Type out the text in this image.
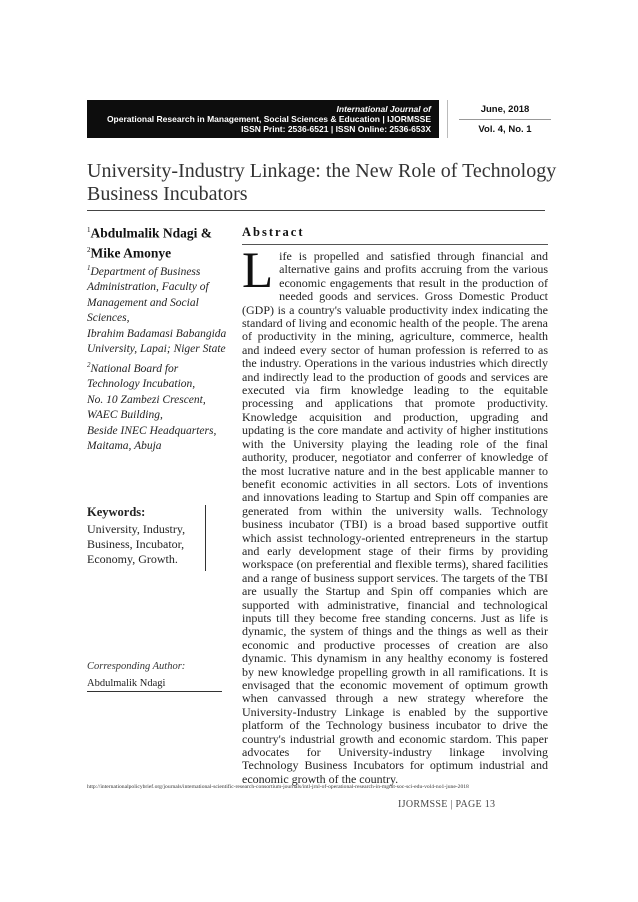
International Journal of
Operational Research in Management, Social Sciences & Education | IJORMSSE
ISSN Print: 2536-6521 | ISSN Online: 2536-653X
June, 2018
Vol. 4, No. 1
University-Industry Linkage: the New Role of Technology Business Incubators
$^1$Abdulmalik Ndagi &
$^2$Mike Amonye
$^1$Department of Business
Administration, Faculty of
Management and Social
Sciences,
Ibrahim Badamasi Babangida
University, Lapai; Niger State
$^2$National Board for
Technology Incubation,
No. 10 Zambezi Crescent,
WAEC Building,
Beside INEC Headquarters,
Maitama, Abuja
Keywords:
University, Industry, Business, Incubator, Economy, Growth.
Corresponding Author:
Abdulmalik Ndagi
Abstract
Life is propelled and satisfied through financial and alternative gains and profits accruing from the various economic engagements that result in the production of needed goods and services. Gross Domestic Product (GDP) is a country's valuable productivity index indicating the standard of living and economic health of the people. The arena of productivity in the mining, agriculture, commerce, health and indeed every sector of human profession is referred to as the industry. Operations in the various industries which directly and indirectly lead to the production of goods and services are executed via firm knowledge leading to the equitable processing and applications that promote productivity. Knowledge acquisition and production, upgrading and updating is the core mandate and activity of higher institutions with the University playing the leading role of the final authority, producer, negotiator and conferrer of knowledge of the most lucrative nature and in the best applicable manner to benefit economic activities in all sectors. Lots of inventions and innovations leading to Startup and Spin off companies are generated from within the university walls. Technology business incubator (TBI) is a broad based supportive outfit which assist technology-oriented entrepreneurs in the startup and early development stage of their firms by providing workspace (on preferential and flexible terms), shared facilities and a range of business support services. The targets of the TBI are usually the Startup and Spin off companies which are supported with administrative, financial and technological inputs till they become free standing concerns. Just as life is dynamic, the system of things and the things as well as their economic and productive processes of creation are also dynamic. This dynamism in any healthy economy is fostered by new knowledge propelling growth in all ramifications. It is envisaged that the economic movement of optimum growth when canvassed through a new strategy wherefore the University-Industry Linkage is enabled by the supportive platform of the Technology business incubator to drive the country's industrial growth and economic stardom. This paper advocates for University-industry linkage involving Technology Business Incubators for optimum industrial and economic growth of the country.
http://internationalpolicybrief.org/journals/international-scientific-research-consortium-journals/intl-jrnl-of-operational-research-in-mgmt-soc-sci-edu-vol4-no1-june-2018
IJORMSSE | PAGE 13
